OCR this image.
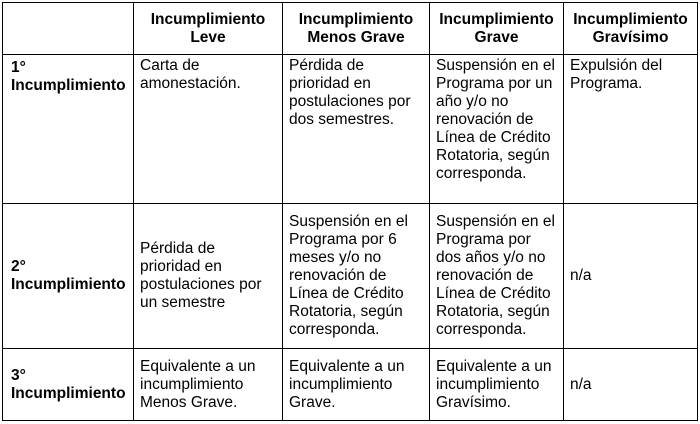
	Incumplimiento Leve	Incumplimiento Menos Grave	Incumplimiento Grave	Incumplimiento Gravísimo
1° Incumplimiento	Carta de amonestación.	Pérdida de prioridad en postulaciones por dos semestres.	Suspensión en el Programa por un año y/o no renovación de Línea de Crédito Rotatoria, según corresponda.	Expulsión del Programa.
2° Incumplimiento	Pérdida de prioridad en postulaciones por un semestre	Suspensión en el Programa por 6 meses y/o no renovación de Línea de Crédito Rotatoria, según corresponda.	Suspensión en el Programa por dos años y/o no renovación de Línea de Crédito Rotatoria, según corresponda.	n/a
3° Incumplimiento	Equivalente a un incumplimiento Menos Grave.	Equivalente a un incumplimiento Grave.	Equivalente a un incumplimiento Gravísimo.	n/a
